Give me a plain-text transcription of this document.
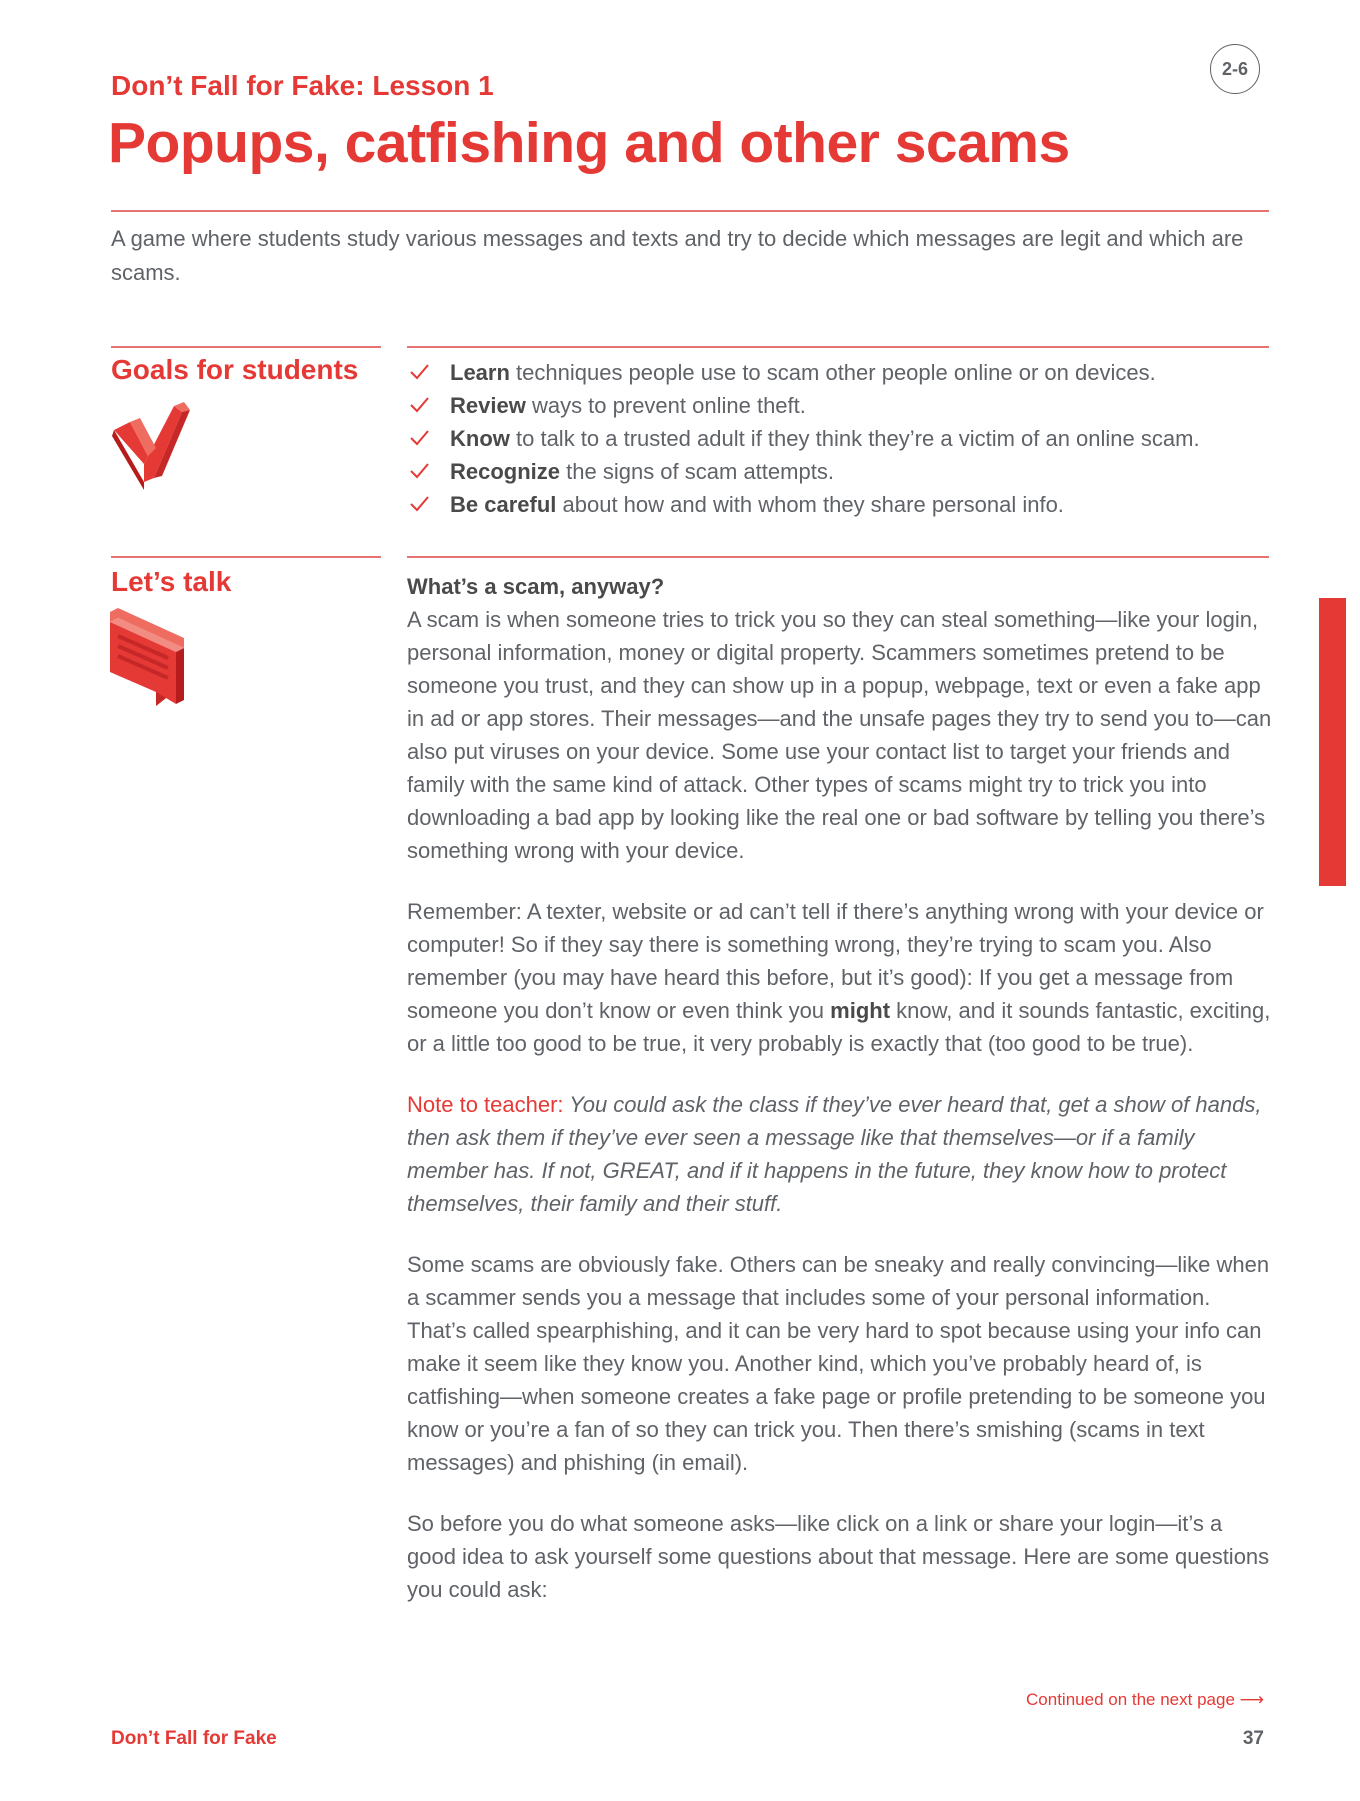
Don’t Fall for Fake: Lesson 1
2-6
Popups, catfishing and other scams
A game where students study various messages and texts and try to decide which messages are legit and which are scams.
Goals for students	Learn techniques people use to scam other people online or on devices.
Review ways to prevent online theft.
Know to talk to a trusted adult if they think they’re a victim of an online scam.
Recognize the signs of scam attempts.
Be careful about how and with whom they share personal info.
Let’s talk	What’s a scam, anyway?
A scam is when someone tries to trick you so they can steal something—like your login, personal information, money or digital property. Scammers sometimes pretend to be someone you trust, and they can show up in a popup, webpage, text or even a fake app in ad or app stores. Their messages—and the unsafe pages they try to send you to—can also put viruses on your device. Some use your contact list to target your friends and family with the same kind of attack. Other types of scams might try to trick you into downloading a bad app by looking like the real one or bad software by telling you there’s something wrong with your device.

Remember: A texter, website or ad can’t tell if there’s anything wrong with your device or computer! So if they say there is something wrong, they’re trying to scam you. Also remember (you may have heard this before, but it’s good): If you get a message from someone you don’t know or even think you might know, and it sounds fantastic, exciting, or a little too good to be true, it very probably is exactly that (too good to be true).

Note to teacher: You could ask the class if they’ve ever heard that, get a show of hands, then ask them if they’ve ever seen a message like that themselves—or if a family member has. If not, GREAT, and if it happens in the future, they know how to protect themselves, their family and their stuff.

Some scams are obviously fake. Others can be sneaky and really convincing—like when a scammer sends you a message that includes some of your personal information. That’s called spearphishing, and it can be very hard to spot because using your info can make it seem like they know you. Another kind, which you’ve probably heard of, is catfishing—when someone creates a fake page or profile pretending to be someone you know or you’re a fan of so they can trick you. Then there’s smishing (scams in text messages) and phishing (in email).

So before you do what someone asks—like click on a link or share your login—it’s a good idea to ask yourself some questions about that message. Here are some questions you could ask:

Continued on the next page ⟶
Don’t Fall for Fake	37
